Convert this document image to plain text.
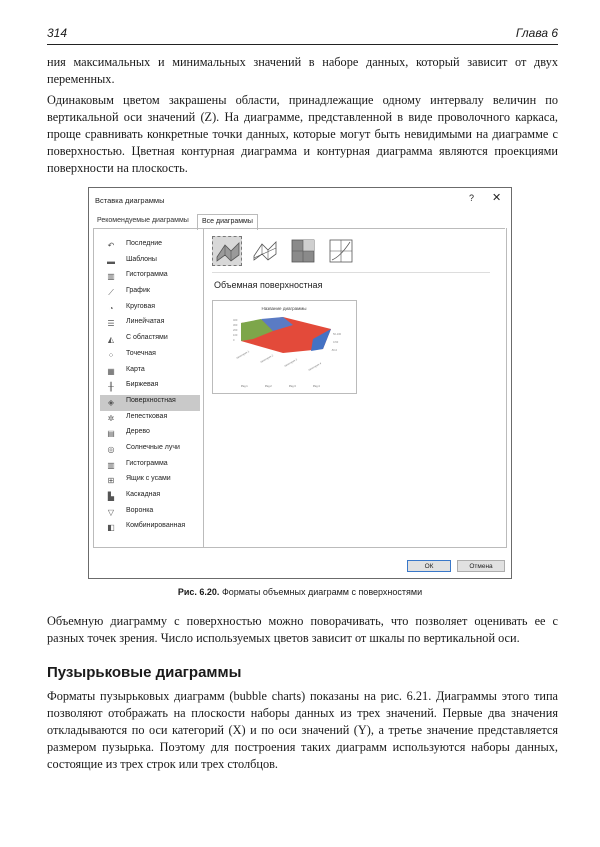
314	Глава 6

ния максимальных и минимальных значений в наборе данных, который зависит от двух переменных.

Одинаковым цветом закрашены области, принадлежащие одному интервалу величин по вертикальной оси значений (Z). На диаграмме, представленной в виде проволочного каркаса, проще сравнивать конкретные точки данных, которые могут быть невидимыми на диаграмме с поверхностью. Цветная контурная диаграмма и контурная диаграмма являются проекциями поверхности на плоскость.

Вставка диаграммы	? ✕
Рекомендуемые диаграммы	Все диаграммы
↶ Последние
▬ Шаблоны
▥ Гистограмма
⟋	График
◔	Круговая
☰ Линейчатая
◭ С областями
⁘ Точечная
▦ Карта
╫	Биржевая
◈ Поверхностная
✲ Лепестковая
▤ Дерево
◎ Солнечные лучи
▥ Гистограмма
⊞ Ящик с усами
▙ Каскадная
▽ Воронка
◧ Комбинированная
Объемная поверхностная
Название диаграммы
400
300
200
100
0
50-100
0-50
-50-0
Категория 1	Категория 2	Категория 3	Категория 4
Ряд 1	Ряд 2	Ряд 3	Ряд 4
ОК	Отмена
Рис. 6.20. Форматы объемных диаграмм с поверхностями

Объемную диаграмму с поверхностью можно поворачивать, что позволяет оценивать ее с разных точек зрения. Число используемых цветов зависит от шкалы по вертикальной оси.

Пузырьковые диаграммы

Форматы пузырьковых диаграмм (bubble charts) показаны на рис. 6.21. Диаграммы этого типа позволяют отображать на плоскости наборы данных из трех значений. Первые два значения откладываются по оси категорий (X) и по оси значений (Y), а третье значение представляется размером пузырька. Поэтому для построения таких диаграмм используются наборы данных, состоящие из трех строк или трех столбцов.
